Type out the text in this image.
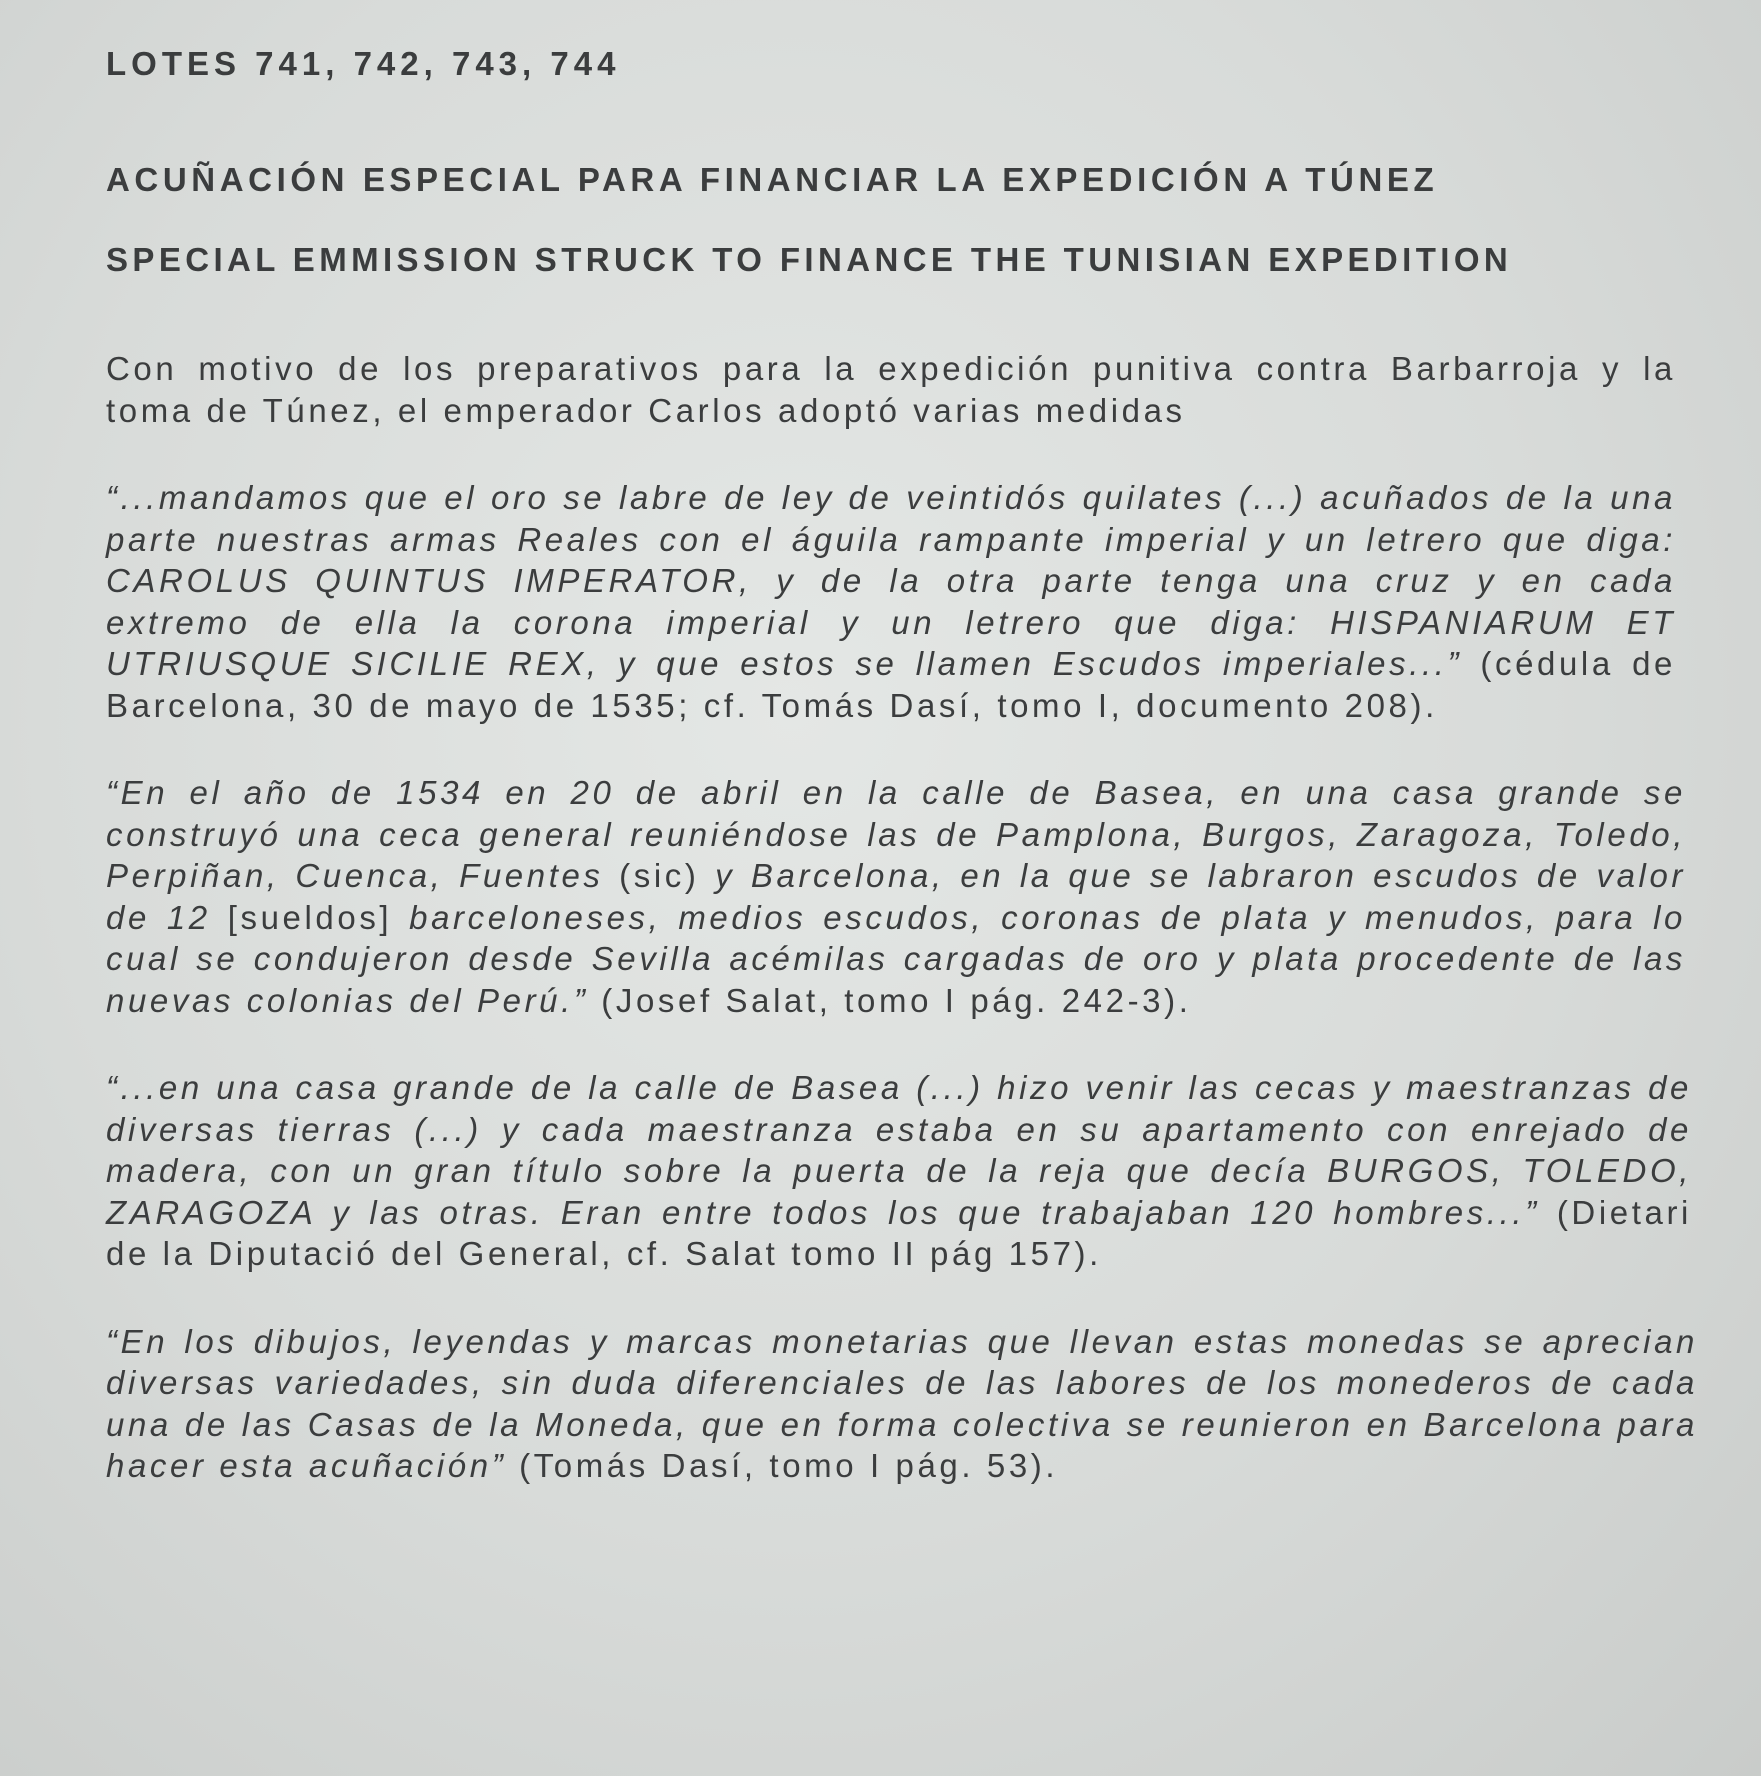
LOTES 741, 742, 743, 744
ACUÑACIÓN ESPECIAL PARA FINANCIAR LA EXPEDICIÓN A TÚNEZ
SPECIAL EMMISSION STRUCK TO FINANCE THE TUNISIAN EXPEDITION

Con motivo de los preparativos para la expedición punitiva contra Barbarroja y la toma de Túnez, el emperador Carlos adoptó varias medidas

“...mandamos que el oro se labre de ley de veintidós quilates (...) acuñados de la una parte nuestras armas Reales con el águila rampante imperial y un letrero que diga: CAROLUS QUINTUS IMPERATOR, y de la otra parte tenga una cruz y en cada extremo de ella la corona imperial y un letrero que diga: HISPANIARUM ET UTRIUSQUE SICILIE REX, y que estos se llamen Escudos imperiales...” (cédula de Barcelona, 30 de mayo de 1535; cf. Tomás Dasí, tomo I, documento 208).

“En el año de 1534 en 20 de abril en la calle de Basea, en una casa grande se construyó una ceca general reuniéndose las de Pamplona, Burgos, Zaragoza, Toledo, Perpiñan, Cuenca, Fuentes (sic) y Barcelona, en la que se labraron escudos de valor de 12 [sueldos] barceloneses, medios escudos, coronas de plata y menudos, para lo cual se condujeron desde Sevilla acémilas cargadas de oro y plata procedente de las nuevas colonias del Perú.” (Josef Salat, tomo I pág. 242-3).

“...en una casa grande de la calle de Basea (...) hizo venir las cecas y maestranzas de diversas tierras (...) y cada maestranza estaba en su apartamento con enrejado de madera, con un gran título sobre la puerta de la reja que decía BURGOS, TOLEDO, ZARAGOZA y las otras. Eran entre todos los que trabajaban 120 hombres...” (Dietari de la Diputació del General, cf. Salat tomo II pág 157).

“En los dibujos, leyendas y marcas monetarias que llevan estas monedas se aprecian diversas variedades, sin duda diferenciales de las labores de los monederos de cada una de las Casas de la Moneda, que en forma colectiva se reunieron en Barcelona para hacer esta acuñación” (Tomás Dasí, tomo I pág. 53).
